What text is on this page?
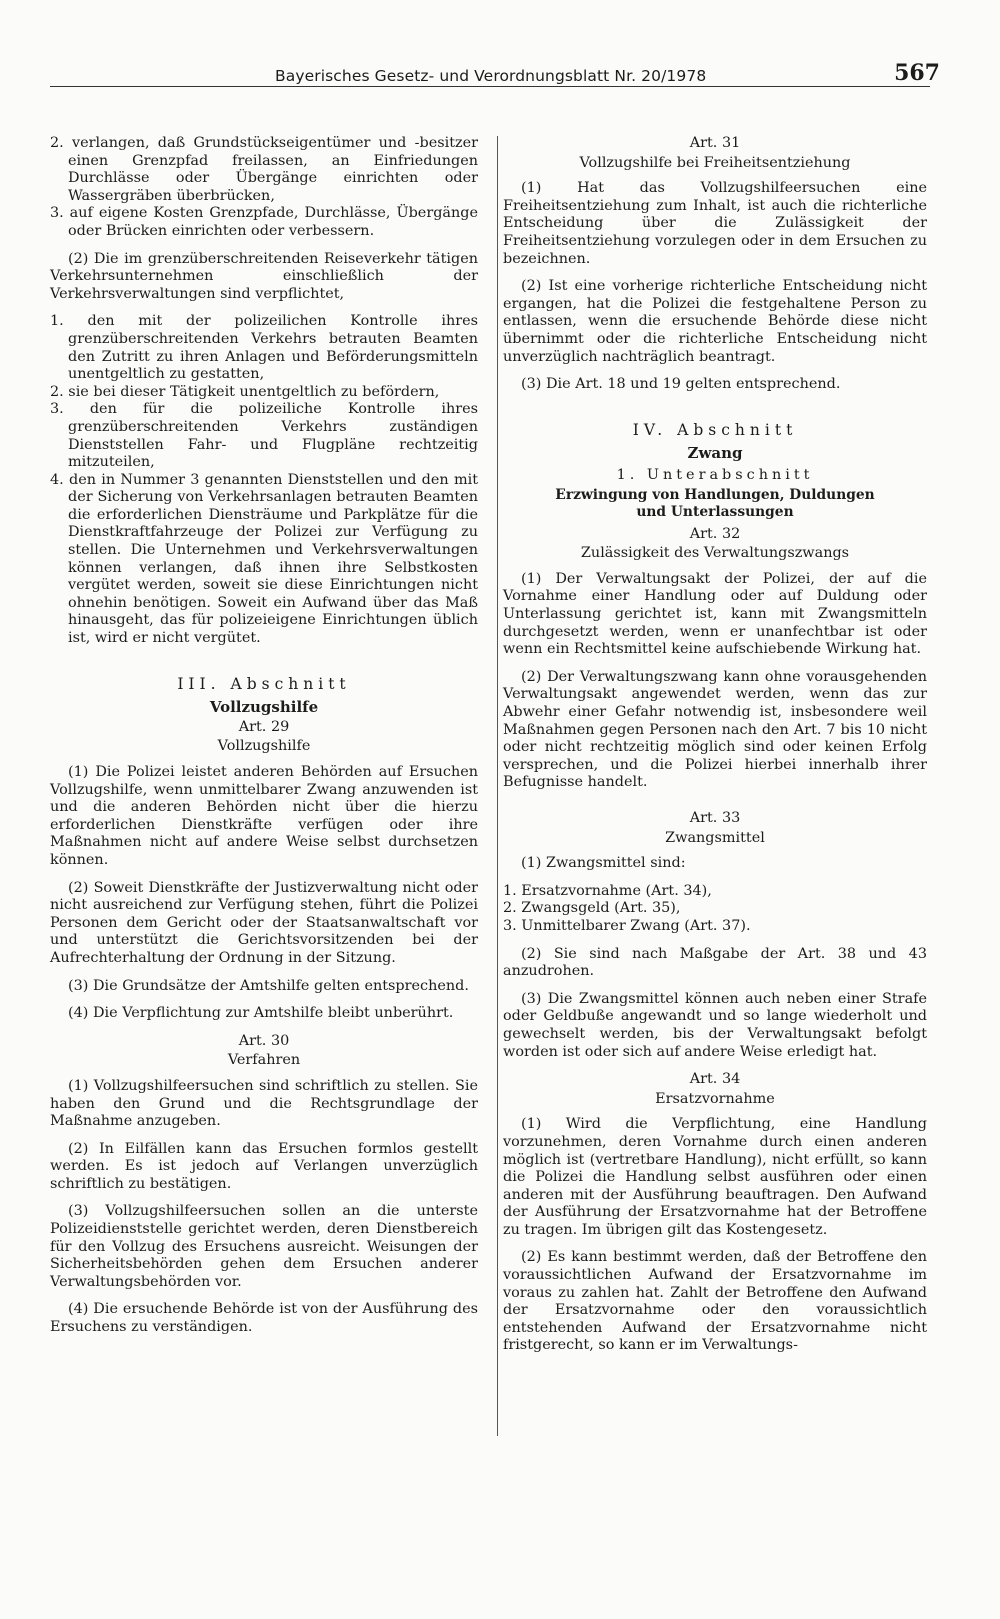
Bayerisches Gesetz- und Verordnungsblatt Nr. 20/1978	567

2. verlangen, daß Grundstückseigentümer und -besitzer einen Grenzpfad freilassen, an Einfriedungen Durchlässe oder Übergänge einrichten oder Wassergräben überbrücken,

3. auf eigene Kosten Grenzpfade, Durchlässe, Übergänge oder Brücken einrichten oder verbessern.

(2) Die im grenzüberschreitenden Reiseverkehr tätigen Verkehrsunternehmen einschließlich der Verkehrsverwaltungen sind verpflichtet,

1. den mit der polizeilichen Kontrolle ihres grenzüberschreitenden Verkehrs betrauten Beamten den Zutritt zu ihren Anlagen und Beförderungsmitteln unentgeltlich zu gestatten,

2. sie bei dieser Tätigkeit unentgeltlich zu befördern,

3. den für die polizeiliche Kontrolle ihres grenzüberschreitenden Verkehrs zuständigen Dienststellen Fahr- und Flugpläne rechtzeitig mitzuteilen,

4. den in Nummer 3 genannten Dienststellen und den mit der Sicherung von Verkehrsanlagen betrauten Beamten die erforderlichen Diensträume und Parkplätze für die Dienstkraftfahrzeuge der Polizei zur Verfügung zu stellen. Die Unternehmen und Verkehrsverwaltungen können verlangen, daß ihnen ihre Selbstkosten vergütet werden, soweit sie diese Einrichtungen nicht ohnehin benötigen. Soweit ein Aufwand über das Maß hinausgeht, das für polizeieigene Einrichtungen üblich ist, wird er nicht vergütet.

III. Abschnitt

Vollzugshilfe

Art. 29

Vollzugshilfe

(1) Die Polizei leistet anderen Behörden auf Ersuchen Vollzugshilfe, wenn unmittelbarer Zwang anzuwenden ist und die anderen Behörden nicht über die hierzu erforderlichen Dienstkräfte verfügen oder ihre Maßnahmen nicht auf andere Weise selbst durchsetzen können.

(2) Soweit Dienstkräfte der Justizverwaltung nicht oder nicht ausreichend zur Verfügung stehen, führt die Polizei Personen dem Gericht oder der Staatsanwaltschaft vor und unterstützt die Gerichtsvorsitzenden bei der Aufrechterhaltung der Ordnung in der Sitzung.

(3) Die Grundsätze der Amtshilfe gelten entsprechend.

(4) Die Verpflichtung zur Amtshilfe bleibt unberührt.

Art. 30

Verfahren

(1) Vollzugshilfeersuchen sind schriftlich zu stellen. Sie haben den Grund und die Rechtsgrundlage der Maßnahme anzugeben.

(2) In Eilfällen kann das Ersuchen formlos gestellt werden. Es ist jedoch auf Verlangen unverzüglich schriftlich zu bestätigen.

(3) Vollzugshilfeersuchen sollen an die unterste Polizeidienststelle gerichtet werden, deren Dienstbereich für den Vollzug des Ersuchens ausreicht. Weisungen der Sicherheitsbehörden gehen dem Ersuchen anderer Verwaltungsbehörden vor.

(4) Die ersuchende Behörde ist von der Ausführung des Ersuchens zu verständigen.

Art. 31

Vollzugshilfe bei Freiheitsentziehung

(1) Hat das Vollzugshilfeersuchen eine Freiheitsentziehung zum Inhalt, ist auch die richterliche Entscheidung über die Zulässigkeit der Freiheitsentziehung vorzulegen oder in dem Ersuchen zu bezeichnen.

(2) Ist eine vorherige richterliche Entscheidung nicht ergangen, hat die Polizei die festgehaltene Person zu entlassen, wenn die ersuchende Behörde diese nicht übernimmt oder die richterliche Entscheidung nicht unverzüglich nachträglich beantragt.

(3) Die Art. 18 und 19 gelten entsprechend.

IV. Abschnitt

Zwang

1. Unterabschnitt

Erzwingung von Handlungen, Duldungen
und Unterlassungen

Art. 32

Zulässigkeit des Verwaltungszwangs

(1) Der Verwaltungsakt der Polizei, der auf die Vornahme einer Handlung oder auf Duldung oder Unterlassung gerichtet ist, kann mit Zwangsmitteln durchgesetzt werden, wenn er unanfechtbar ist oder wenn ein Rechtsmittel keine aufschiebende Wirkung hat.

(2) Der Verwaltungszwang kann ohne vorausgehenden Verwaltungsakt angewendet werden, wenn das zur Abwehr einer Gefahr notwendig ist, insbesondere weil Maßnahmen gegen Personen nach den Art. 7 bis 10 nicht oder nicht rechtzeitig möglich sind oder keinen Erfolg versprechen, und die Polizei hierbei innerhalb ihrer Befugnisse handelt.

Art. 33

Zwangsmittel

(1) Zwangsmittel sind:

1. Ersatzvornahme (Art. 34),

2. Zwangsgeld (Art. 35),

3. Unmittelbarer Zwang (Art. 37).

(2) Sie sind nach Maßgabe der Art. 38 und 43 anzudrohen.

(3) Die Zwangsmittel können auch neben einer Strafe oder Geldbuße angewandt und so lange wiederholt und gewechselt werden, bis der Verwaltungsakt befolgt worden ist oder sich auf andere Weise erledigt hat.

Art. 34

Ersatzvornahme

(1) Wird die Verpflichtung, eine Handlung vorzunehmen, deren Vornahme durch einen anderen möglich ist (vertretbare Handlung), nicht erfüllt, so kann die Polizei die Handlung selbst ausführen oder einen anderen mit der Ausführung beauftragen. Den Aufwand der Ausführung der Ersatzvornahme hat der Betroffene zu tragen. Im übrigen gilt das Kostengesetz.

(2) Es kann bestimmt werden, daß der Betroffene den voraussichtlichen Aufwand der Ersatzvornahme im voraus zu zahlen hat. Zahlt der Betroffene den Aufwand der Ersatzvornahme oder den voraussichtlich entstehenden Aufwand der Ersatzvornahme nicht fristgerecht, so kann er im Verwaltungs-
